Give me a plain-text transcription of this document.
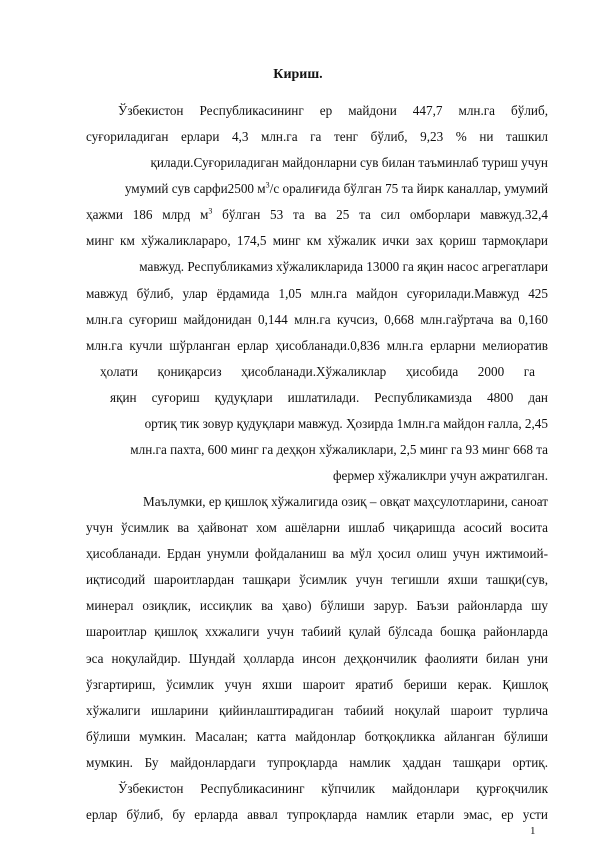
Кириш.
Ўзбекистон Республикасининг ер майдони 447,7 млн.га бўлиб,
суғориладиган ерлари 4,3 млн.га га тенг бўлиб, 9,23 % ни ташкил
қилади.Суғориладиган майдонларни сув билан таъминлаб туриш учун
умумий сув сарфи2500 $м^3/с$ оралиғида бўлган 75 та йирк каналлар, умумий
ҳажми 186 млрд $м^3$ бўлган 53 та ва 25 та сил омборлари мавжуд.32,4
минг км хўжаликлараро, 174,5 минг км хўжалик ички зах қориш тармоқлари
мавжуд. Республикамиз хўжаликларида 13000 га яқин насос агрегатлари
мавжуд бўлиб, улар ёрдамида 1,05 млн.га майдон суғорилади.Мавжуд 425
млн.га суғориш майдонидан 0,144 млн.га кучсиз, 0,668 млн.гаўртача ва 0,160
млн.га кучли шўрланган ерлар ҳисобланади.0,836 млн.га ерларни мелиоратив
ҳолати қониқарсиз ҳисобланади.Хўжаликлар ҳисобида 2000 га
яқин суғориш қудуқлари ишлатилади. Республикамизда 4800 дан
ортиқ тик зовур қудуқлари мавжуд. Ҳозирда 1млн.га майдон ғалла, 2,45
млн.га пахта, 600 минг га деҳқон хўжаликлари, 2,5 минг га 93 минг 668 та
фермер хўжаликлри учун ажратилган.
Маълумки, ер қишлоқ хўжалигида озиқ – овқат маҳсулотларини, саноат
учун ўсимлик ва ҳайвонат хом ашёларни ишлаб чиқаришда асосий восита
ҳисобланади. Ердан унумли фойдаланиш ва мўл ҳосил олиш учун ижтимоий-
иқтисодий шароитлардан ташқари ўсимлик учун тегишли яхши ташқи(сув,
минерал озиқлик, иссиқлик ва ҳаво) бўлиши зарур. Баъзи районларда шу
шароитлар қишлоқ ххжалиги учун табиий қулай бўлсада бошқа районларда
эса ноқулайдир. Шундай ҳолларда инсон деҳқончилик фаолияти билан уни
ўзгартириш, ўсимлик учун яхши шароит яратиб бериши керак. Қишлоқ
хўжалиги ишларини қийинлаштирадиган табиий ноқулай шароит турлича
бўлиши мумкин. Масалан; катта майдонлар ботқоқликка айланган бўлиши
мумкин. Бу майдонлардаги тупроқларда намлик ҳаддан ташқари ортиқ.
Ўзбекистон Республикасининг кўпчилик майдонлари қурғоқчилик
ерлар бўлиб, бу ерларда аввал тупроқларда намлик етарли эмас, ер усти
1
